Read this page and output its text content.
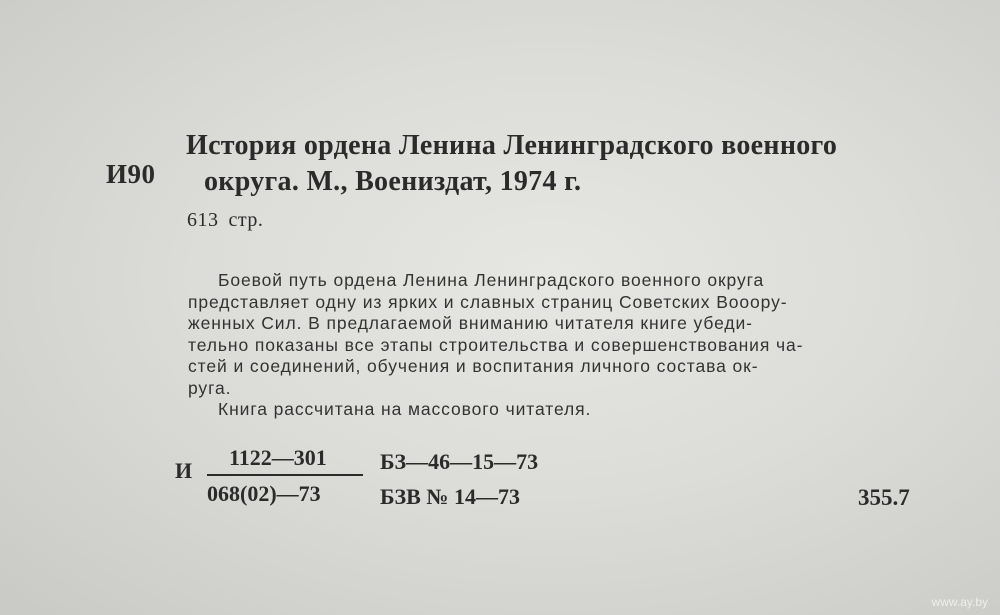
И90
История ордена Ленина Ленинградского военного
округа. М., Воениздат, 1974 г.
613 стр.
Боевой путь ордена Ленина Ленинградского военного округа
представляет одну из ярких и славных страниц Советских Вооору-
женных Сил. В предлагаемой вниманию читателя книге убеди-
тельно показаны все этапы строительства и совершенствования ча-
стей и соединений, обучения и воспитания личного состава ок-
руга.
Книга рассчитана на массового читателя.
И
1122—301
068(02)—73
БЗ—46—15—73
БЗВ № 14—73	355.7
www.ay.by
